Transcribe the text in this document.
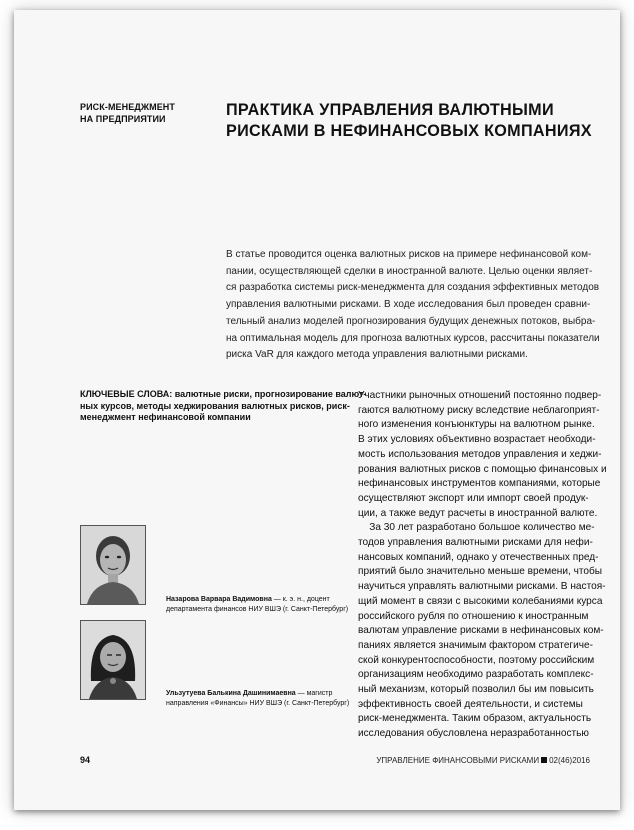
РИСК-МЕНЕДЖМЕНТ
НА ПРЕДПРИЯТИИ	ПРАКТИКА УПРАВЛЕНИЯ ВАЛЮТНЫМИ
РИСКАМИ В НЕФИНАНСОВЫХ КОМПАНИЯХ
В статье проводится оценка валютных рисков на примере нефинансовой ком-
пании, осуществляющей сделки в иностранной валюте. Целью оценки являет-
ся разработка системы риск-менеджмента для создания эффективных методов
управления валютными рисками. В ходе исследования был проведен сравни-
тельный анализ моделей прогнозирования будущих денежных потоков, выбра-
на оптимальная модель для прогноза валютных курсов, рассчитаны показатели
риска VaR для каждого метода управления валютными рисками.
КЛЮЧЕВЫЕ СЛОВА: валютные риски, прогнозирование валют-
ных курсов, методы хеджирования валютных рисков, риск-
менеджмент нефинансовой компании
Участники рыночных отношений постоянно подвер-
гаются валютному риску вследствие неблагоприят-
ного изменения конъюнктуры на валютном рынке.
В этих условиях объективно возрастает необходи-
мость использования методов управления и хеджи-
рования валютных рисков с помощью финансовых и
нефинансовых инструментов компаниями, которые
осуществляют экспорт или импорт своей продук-
ции, а также ведут расчеты в иностранной валюте.
За 30 лет разработано большое количество ме-
тодов управления валютными рисками для нефи-
нансовых компаний, однако у отечественных пред-
приятий было значительно меньше времени, чтобы
научиться управлять валютными рисками. В настоя-
щий момент в связи с высокими колебаниями курса
российского рубля по отношению к иностранным
валютам управление рисками в нефинансовых ком-
паниях является значимым фактором стратегиче-
ской конкурентоспособности, поэтому российским
организациям необходимо разработать комплекс-
ный механизм, который позволил бы им повысить
эффективность своей деятельности, и системы
риск-менеджмента. Таким образом, актуальность
исследования обусловлена неразработанностью
Назарова Варвара Вадимовна — к. э. н., доцент
департамента финансов НИУ ВШЭ (г. Санкт-Петербург)
Ульзутуева Балькина Дашинимаевна — магистр
направления «Финансы» НИУ ВШЭ (г. Санкт-Петербург)
94	УПРАВЛЕНИЕ ФИНАНСОВЫМИ РИСКАМИ 02(46)2016
